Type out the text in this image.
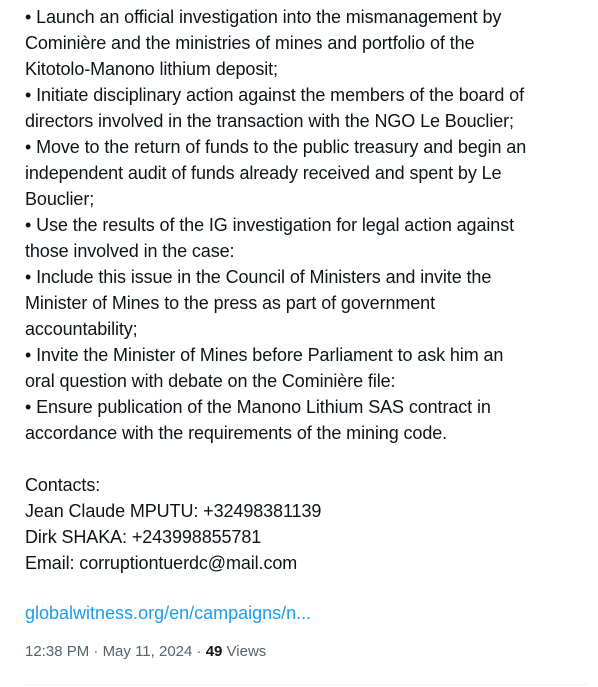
• Launch an official investigation into the mismanagement by
Cominière and the ministries of mines and portfolio of the
Kitotolo-Manono lithium deposit;
• Initiate disciplinary action against the members of the board of
directors involved in the transaction with the NGO Le Bouclier;
• Move to the return of funds to the public treasury and begin an
independent audit of funds already received and spent by Le
Bouclier;
• Use the results of the IG investigation for legal action against
those involved in the case:
• Include this issue in the Council of Ministers and invite the
Minister of Mines to the press as part of government
accountability;
• Invite the Minister of Mines before Parliament to ask him an
oral question with debate on the Cominière file:
• Ensure publication of the Manono Lithium SAS contract in
accordance with the requirements of the mining code.
Contacts:
Jean Claude MPUTU: +32498381139
Dirk SHAKA: +243998855781
Email: corruptiontuerdc@mail.com
globalwitness.org/en/campaigns/n...
12:38 PM · May 11, 2024 · 49 Views
